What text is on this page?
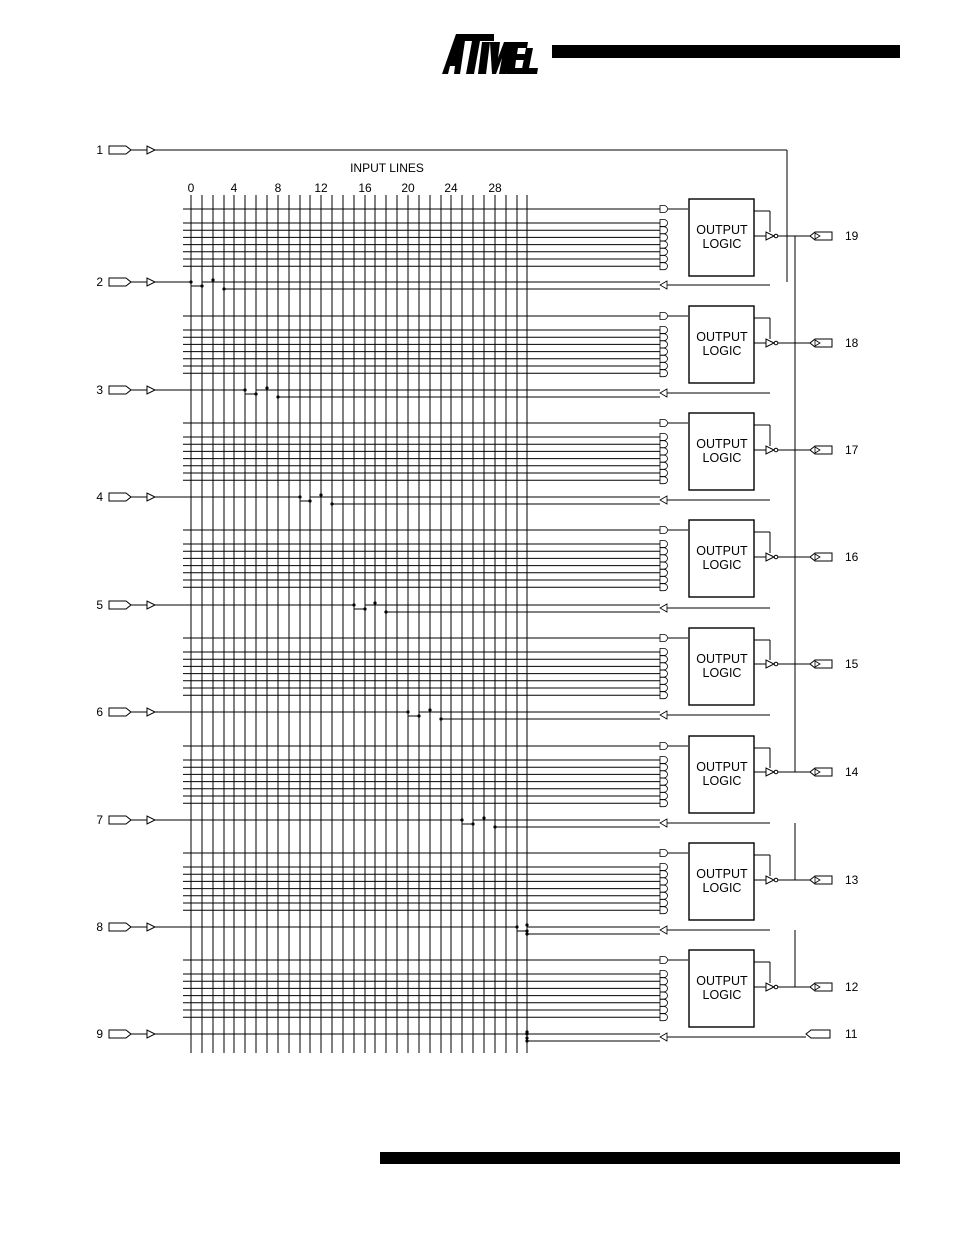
INPUT LINES
0	4	8	12	16 20 24	28
1
2
3
4
5
6
7
8
9
OUTPUT
LOGIC
19
OUTPUT
LOGIC
18
OUTPUT
LOGIC
17
OUTPUT
LOGIC
16
OUTPUT
LOGIC
15
OUTPUT
LOGIC
14
OUTPUT
LOGIC
13
OUTPUT
LOGIC
12
11
